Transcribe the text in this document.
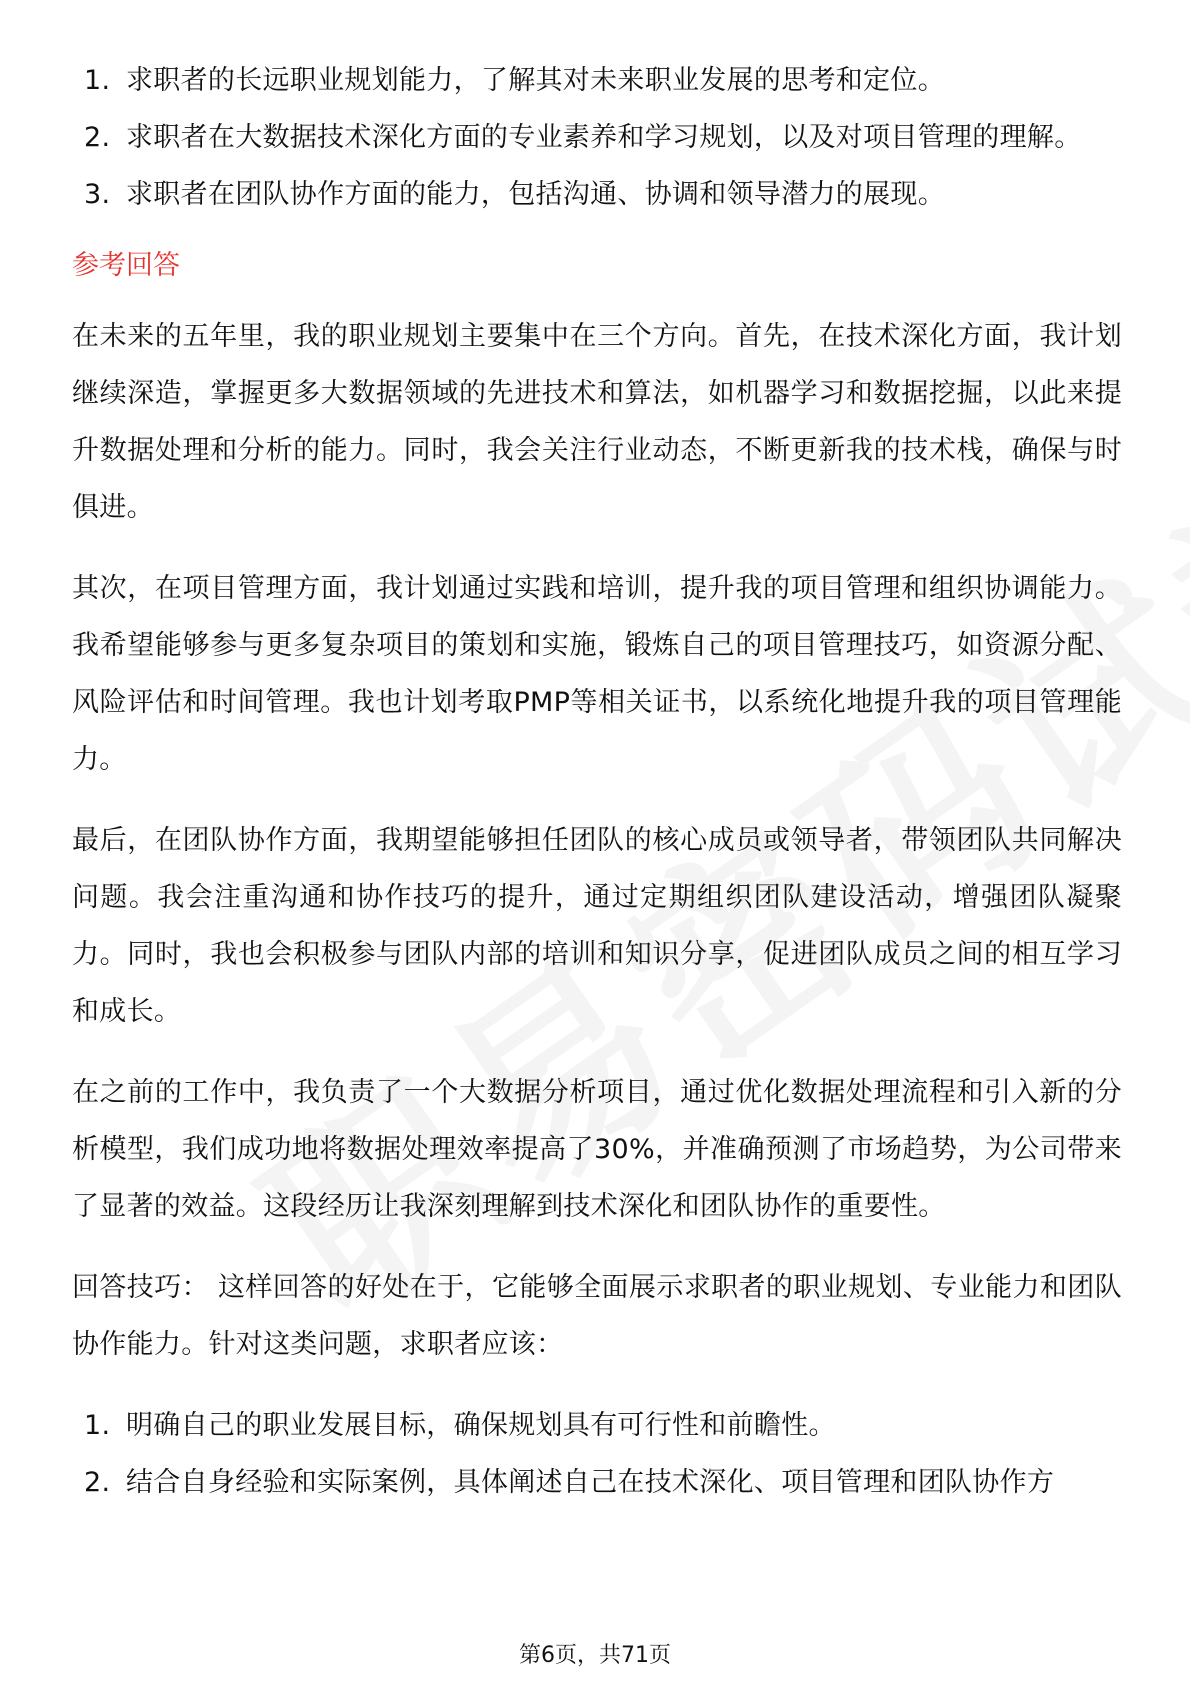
1. 求职者的长远职业规划能力，了解其对未来职业发展的思考和定位。
2. 求职者在大数据技术深化方面的专业素养和学习规划，以及对项目管理的理解。
3. 求职者在团队协作方面的能力，包括沟通、协调和领导潜力的展现。
参考回答

在未来的五年里，我的职业规划主要集中在三个方向。首先，在技术深化方面，我计划继续深造，掌握更多大数据领域的先进技术和算法，如机器学习和数据挖掘，以此来提升数据处理和分析的能力。同时，我会关注行业动态，不断更新我的技术栈，确保与时俱进。

其次，在项目管理方面，我计划通过实践和培训，提升我的项目管理和组织协调能力。我希望能够参与更多复杂项目的策划和实施，锻炼自己的项目管理技巧，如资源分配、风险评估和时间管理。我也计划考取PMP等相关证书，以系统化地提升我的项目管理能力。

最后，在团队协作方面，我期望能够担任团队的核心成员或领导者，带领团队共同解决问题。我会注重沟通和协作技巧的提升，通过定期组织团队建设活动，增强团队凝聚力。同时，我也会积极参与团队内部的培训和知识分享，促进团队成员之间的相互学习和成长。

在之前的工作中，我负责了一个大数据分析项目，通过优化数据处理流程和引入新的分析模型，我们成功地将数据处理效率提高了30%，并准确预测了市场趋势，为公司带来了显著的效益。这段经历让我深刻理解到技术深化和团队协作的重要性。

回答技巧： 这样回答的好处在于，它能够全面展示求职者的职业规划、专业能力和团队协作能力。针对这类问题，求职者应该：

1. 明确自己的职业发展目标，确保规划具有可行性和前瞻性。
2. 结合自身经验和实际案例，具体阐述自己在技术深化、项目管理和团队协作方
第6页，共71页
